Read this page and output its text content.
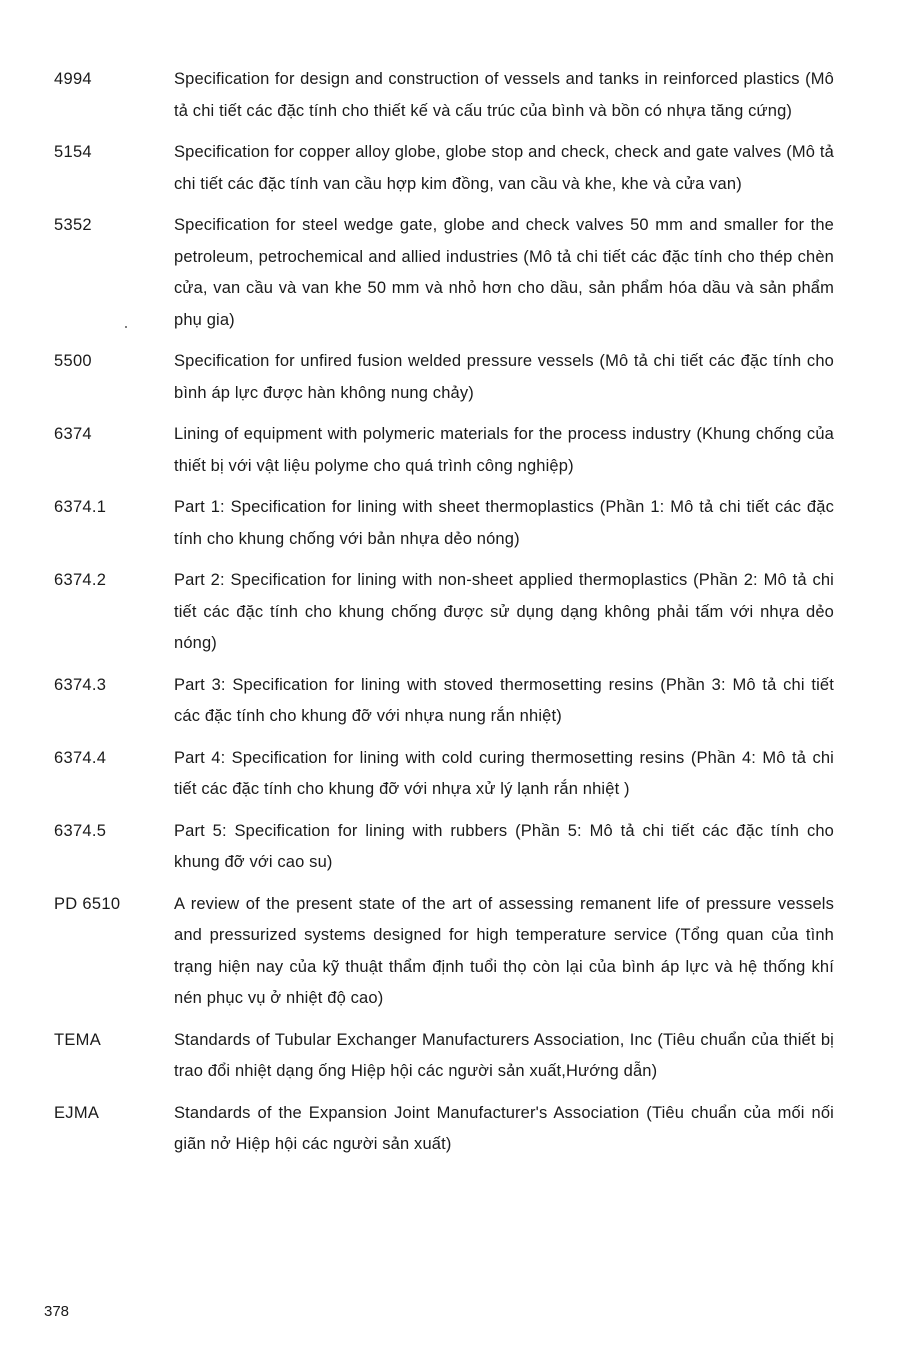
4994	Specification for design and construction of vessels and tanks in reinforced plastics (Mô tả chi tiết các đặc tính cho thiết kế và cấu trúc của bình và bồn có nhựa tăng cứng)
5154	Specification for copper alloy globe, globe stop and check, check and gate valves (Mô tả chi tiết các đặc tính van cầu hợp kim đồng, van cầu và khe, khe và cửa van)
5352	Specification for steel wedge gate, globe and check valves 50 mm and smaller for the petroleum, petrochemical and allied industries (Mô tả chi tiết các đặc tính cho thép chèn cửa, van cầu và van khe 50 mm và nhỏ hơn cho dầu, sản phẩm hóa dầu và sản phẩm phụ gia)
5500	Specification for unfired fusion welded pressure vessels (Mô tả chi tiết các đặc tính cho bình áp lực được hàn không nung chảy)
6374	Lining of equipment with polymeric materials for the process industry (Khung chống của thiết bị với vật liệu polyme cho quá trình công nghiệp)
6374.1	Part 1: Specification for lining with sheet thermoplastics (Phần 1: Mô tả chi tiết các đặc tính cho khung chống với bản nhựa dẻo nóng)
6374.2	Part 2: Specification for lining with non-sheet applied thermoplastics (Phần 2: Mô tả chi tiết các đặc tính cho khung chống được sử dụng dạng không phải tấm với nhựa dẻo nóng)
6374.3	Part 3: Specification for lining with stoved thermosetting resins (Phần 3: Mô tả chi tiết các đặc tính cho khung đỡ với nhựa nung rắn nhiệt)
6374.4	Part 4: Specification for lining with cold curing thermosetting resins (Phần 4: Mô tả chi tiết các đặc tính cho khung đỡ với nhựa xử lý lạnh rắn nhiệt )
6374.5	Part 5: Specification for lining with rubbers (Phần 5: Mô tả chi tiết các đặc tính cho khung đỡ với cao su)
PD 6510	A review of the present state of the art of assessing remanent life of pressure vessels and pressurized systems designed for high temperature service (Tổng quan của tình trạng hiện nay của kỹ thuật thẩm định tuổi thọ còn lại của bình áp lực và hệ thống khí nén phục vụ ở nhiệt độ cao)
TEMA	Standards of Tubular Exchanger Manufacturers Association, Inc (Tiêu chuẩn của thiết bị trao đổi nhiệt dạng ống Hiệp hội các người sản xuất,Hướng dẫn)
EJMA	Standards of the Expansion Joint Manufacturer's Association (Tiêu chuẩn của mối nối giãn nở Hiệp hội các người sản xuất)
378
